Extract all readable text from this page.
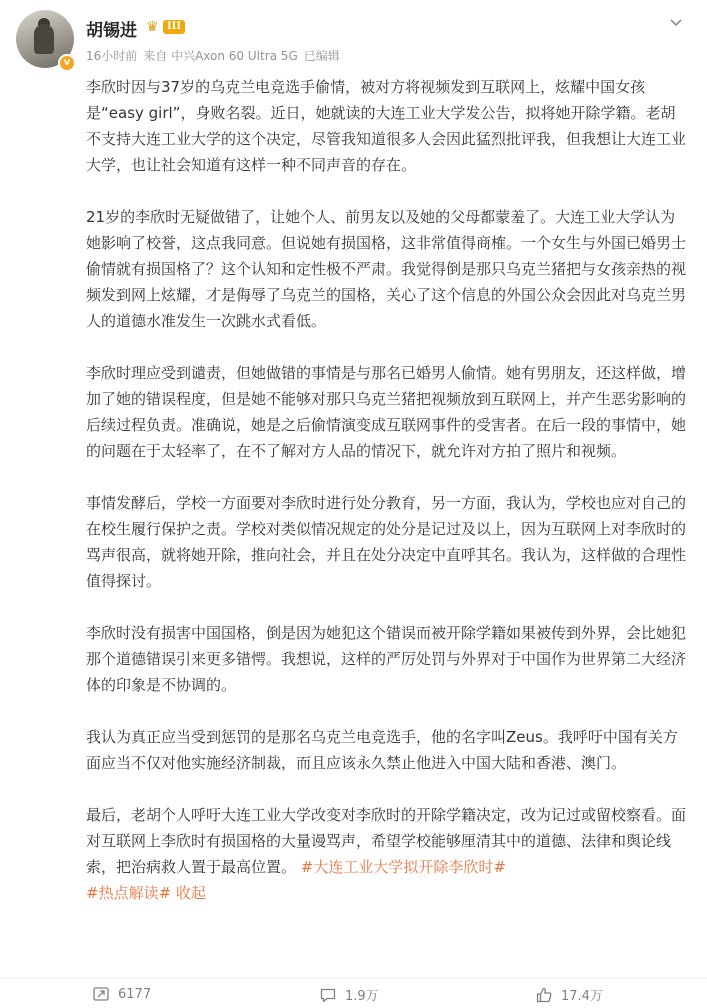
v
胡锡进 ♛ III
16小时前 来自 中兴Axon 60 Ultra 5G 已编辑

李欣时因与37岁的乌克兰电竞选手偷情，被对方将视频发到互联网上，炫耀中国女孩是“easy girl”，身败名裂。近日，她就读的大连工业大学发公告，拟将她开除学籍。老胡不支持大连工业大学的这个决定，尽管我知道很多人会因此猛烈批评我，但我想让大连工业大学，也让社会知道有这样一种不同声音的存在。

21岁的李欣时无疑做错了，让她个人、前男友以及她的父母都蒙羞了。大连工业大学认为她影响了校誉，这点我同意。但说她有损国格，这非常值得商榷。一个女生与外国已婚男士偷情就有损国格了？这个认知和定性极不严肃。我觉得倒是那只乌克兰猪把与女孩亲热的视频发到网上炫耀，才是侮辱了乌克兰的国格，关心了这个信息的外国公众会因此对乌克兰男人的道德水准发生一次跳水式看低。

李欣时理应受到谴责，但她做错的事情是与那名已婚男人偷情。她有男朋友，还这样做，增加了她的错误程度，但是她不能够对那只乌克兰猪把视频放到互联网上，并产生恶劣影响的后续过程负责。准确说，她是之后偷情演变成互联网事件的受害者。在后一段的事情中，她的问题在于太轻率了，在不了解对方人品的情况下，就允许对方拍了照片和视频。

事情发酵后，学校一方面要对李欣时进行处分教育，另一方面，我认为，学校也应对自己的在校生履行保护之责。学校对类似情况规定的处分是记过及以上，因为互联网上对李欣时的骂声很高，就将她开除，推向社会，并且在处分决定中直呼其名。我认为，这样做的合理性值得探讨。

李欣时没有损害中国国格，倒是因为她犯这个错误而被开除学籍如果被传到外界，会比她犯那个道德错误引来更多错愕。我想说，这样的严厉处罚与外界对于中国作为世界第二大经济体的印象是不协调的。

我认为真正应当受到惩罚的是那名乌克兰电竞选手，他的名字叫Zeus。我呼吁中国有关方面应当不仅对他实施经济制裁，而且应该永久禁止他进入中国大陆和香港、澳门。

最后，老胡个人呼吁大连工业大学改变对李欣时的开除学籍决定，改为记过或留校察看。面对互联网上李欣时有损国格的大量谩骂声，希望学校能够厘清其中的道德、法律和舆论线索，把治病救人置于最高位置。 #大连工业大学拟开除李欣时#
#热点解读# 收起

6177	1.9万	17.4万
